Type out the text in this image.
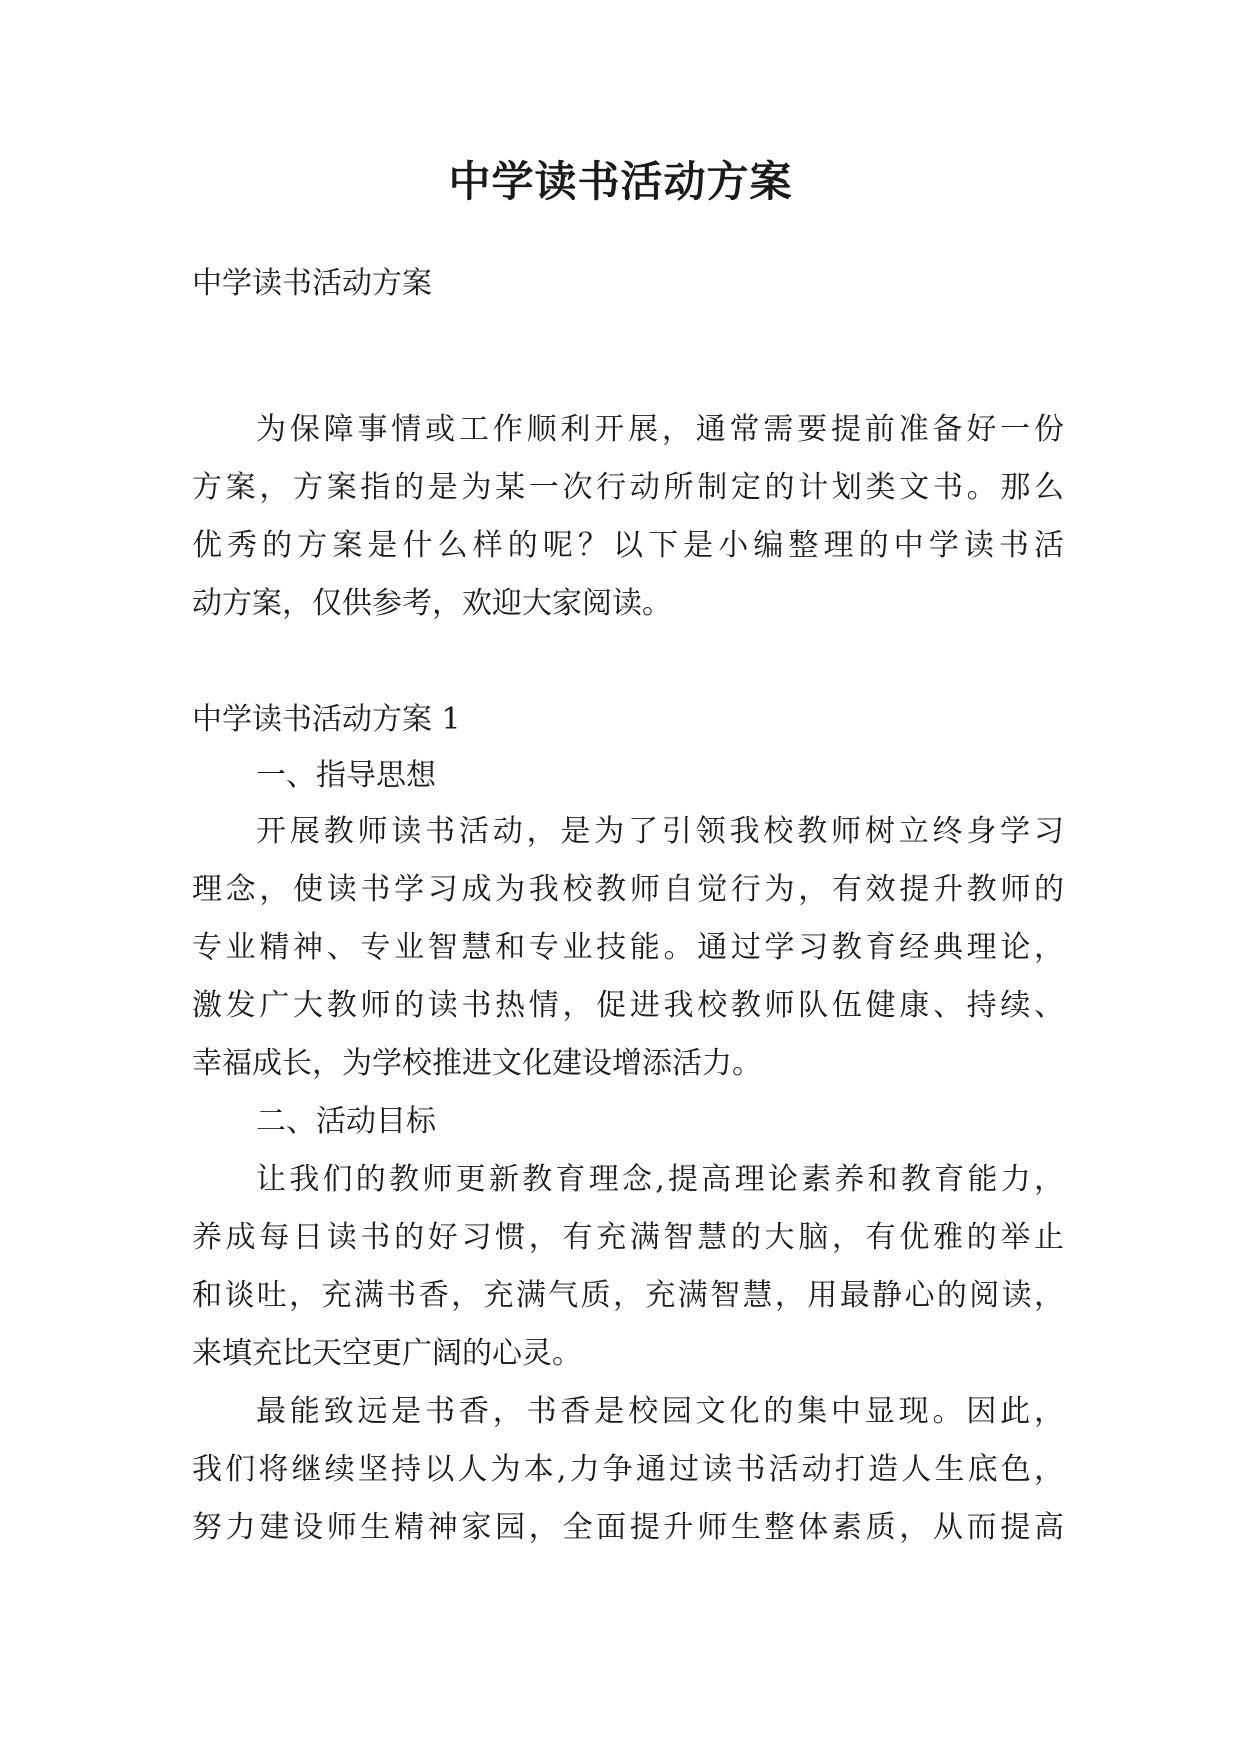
中学读书活动方案

中学读书活动方案

为保障事情或工作顺利开展，通常需要提前准备好一份

方案，方案指的是为某一次行动所制定的计划类文书。那么

优秀的方案是什么样的呢？以下是小编整理的中学读书活

动方案，仅供参考，欢迎大家阅读。

中学读书活动方案 1

一、指导思想

开展教师读书活动，是为了引领我校教师树立终身学习

理念，使读书学习成为我校教师自觉行为，有效提升教师的

专业精神、专业智慧和专业技能。通过学习教育经典理论，

激发广大教师的读书热情，促进我校教师队伍健康、持续、

幸福成长，为学校推进文化建设增添活力。

二、活动目标

让我们的教师更新教育理念,提高理论素养和教育能力，

养成每日读书的好习惯，有充满智慧的大脑，有优雅的举止

和谈吐，充满书香，充满气质，充满智慧，用最静心的阅读，

来填充比天空更广阔的心灵。

最能致远是书香，书香是校园文化的集中显现。因此，

我们将继续坚持以人为本,力争通过读书活动打造人生底色，

努力建设师生精神家园，全面提升师生整体素质，从而提高
